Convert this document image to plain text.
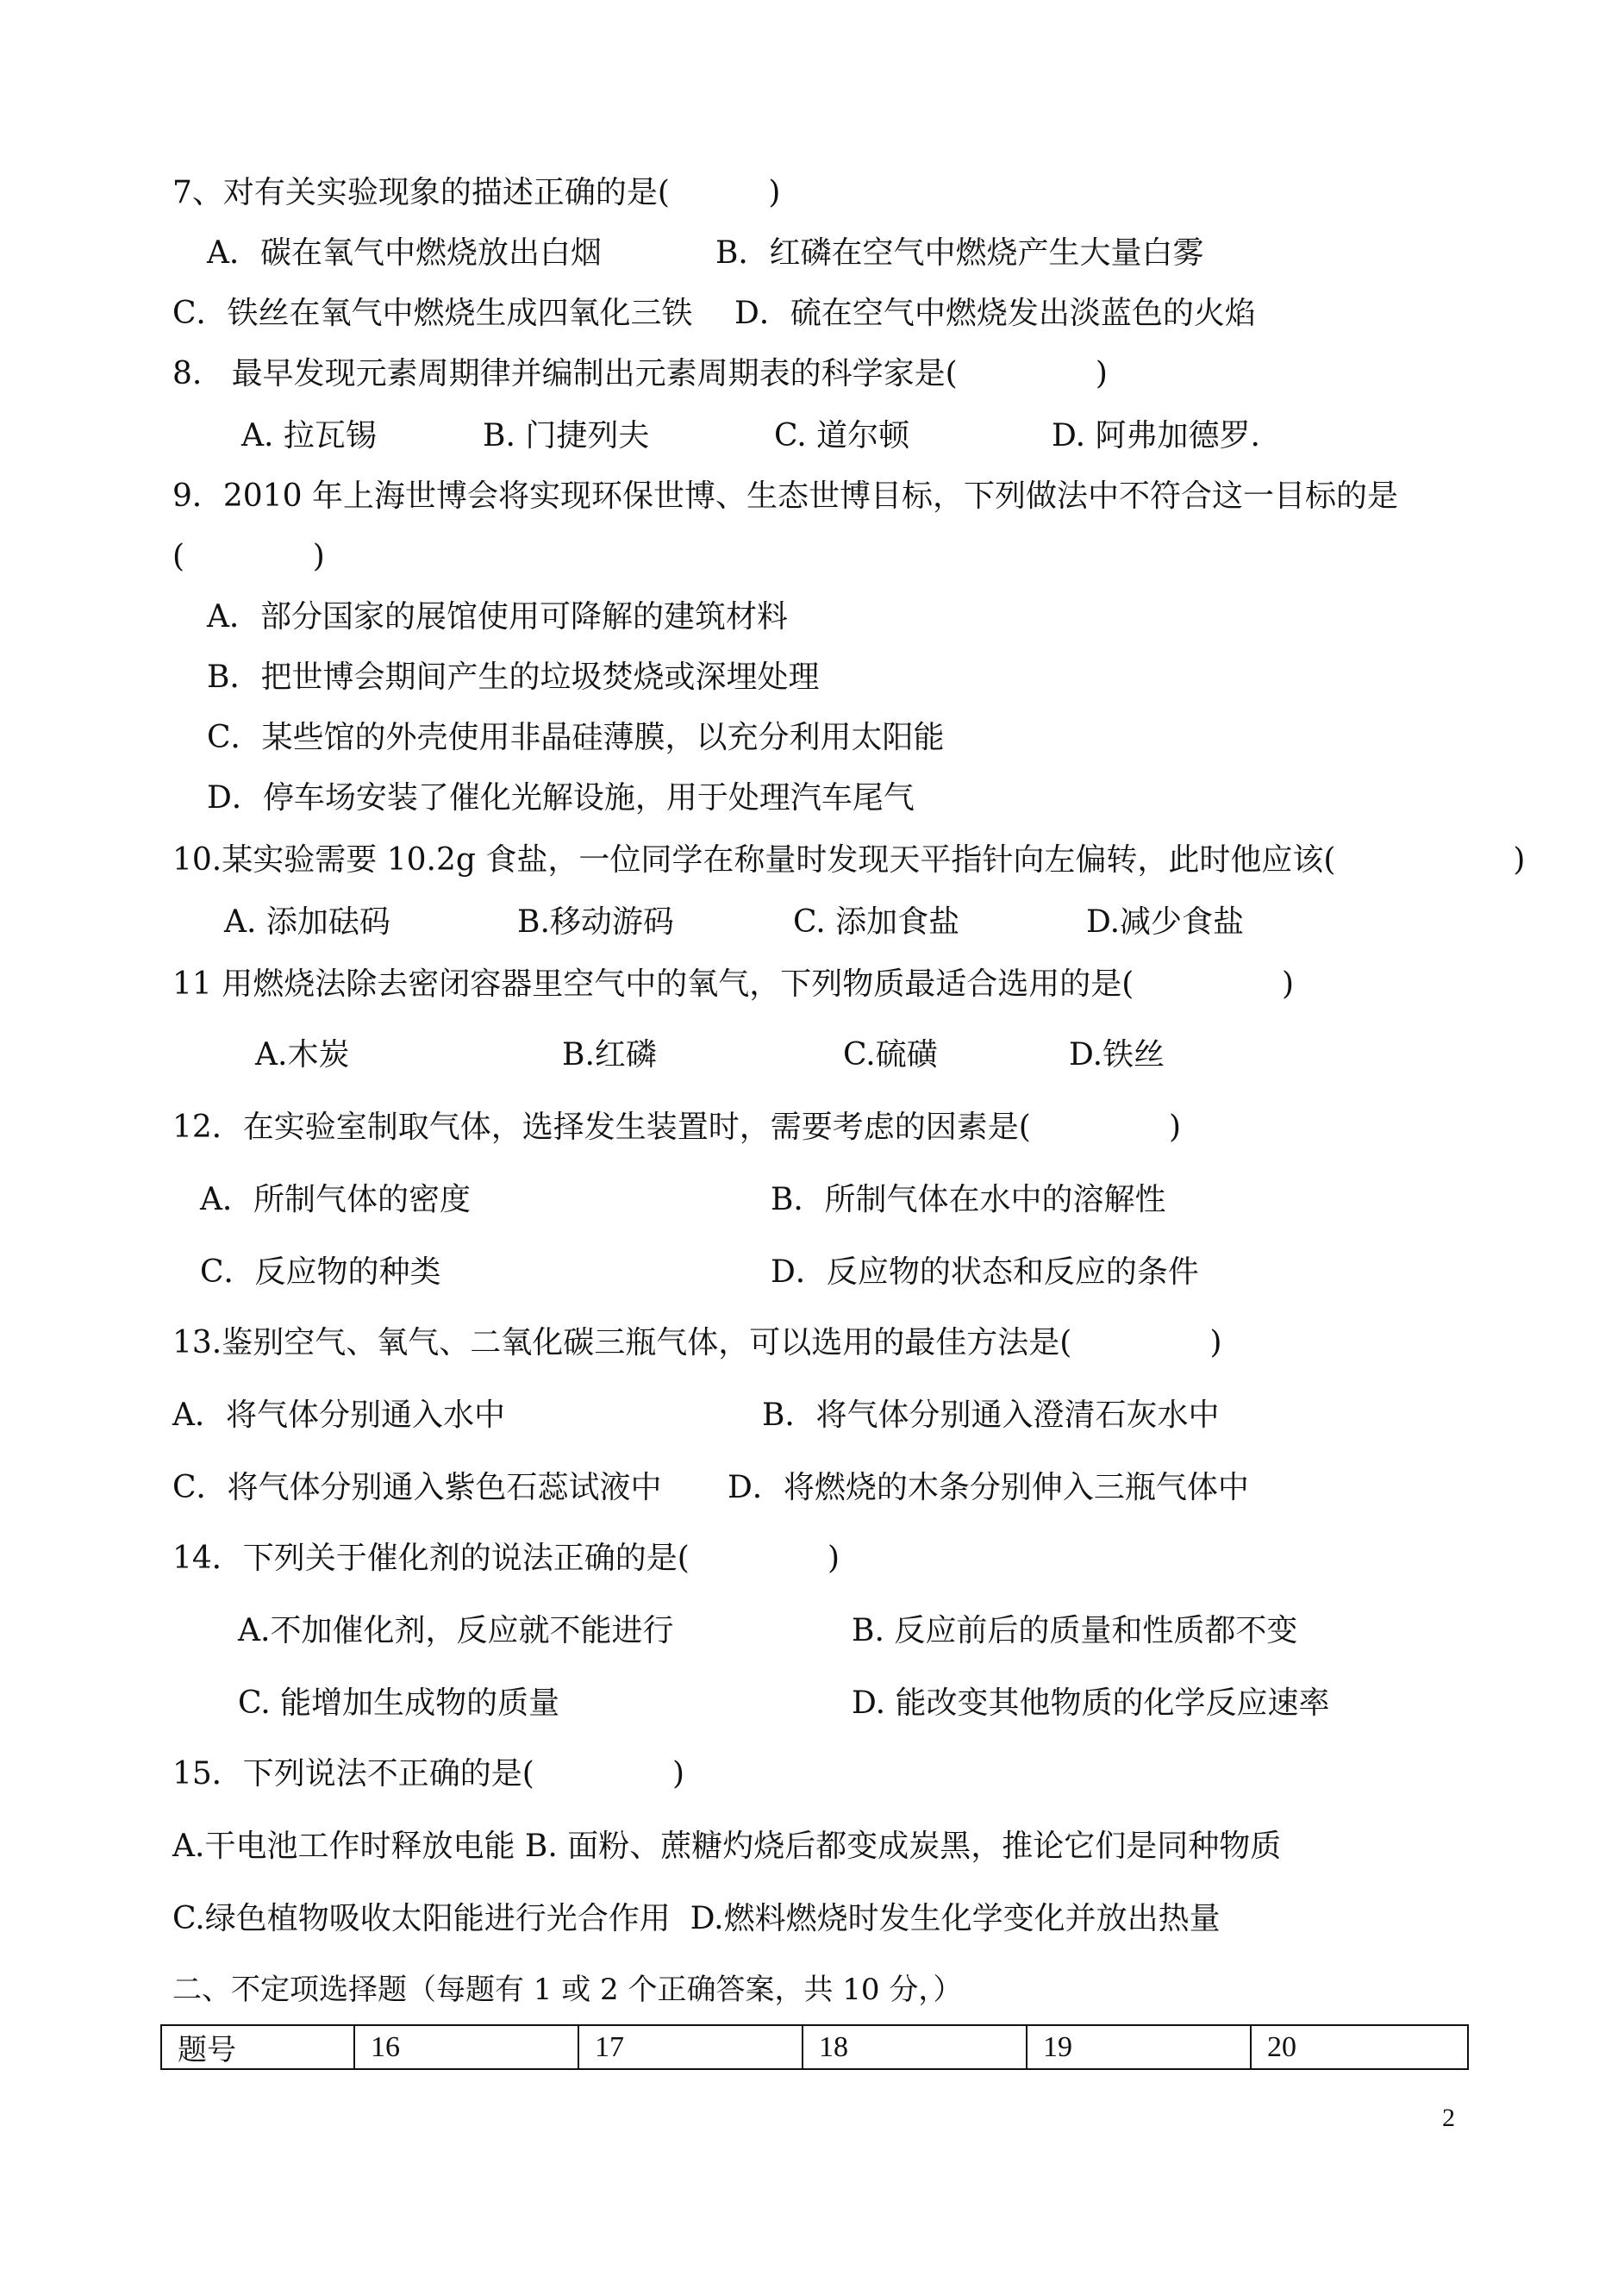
7、对有关实验现象的描述正确的是(          )
A．碳在氧气中燃烧放出白烟	B．红磷在空气中燃烧产生大量白雾
C．铁丝在氧气中燃烧生成四氧化三铁 D．硫在空气中燃烧发出淡蓝色的火焰
8.   最早发现元素周期律并编制出元素周期表的科学家是(              )
A. 拉瓦锡	B. 门捷列夫	C. 道尔顿	D. 阿弗加德罗.
9．2010 年上海世博会将实现环保世博、生态世博目标，下列做法中不符合这一目标的是
(             )
A．部分国家的展馆使用可降解的建筑材料
B．把世博会期间产生的垃圾焚烧或深埋处理
C．某些馆的外壳使用非晶硅薄膜，以充分利用太阳能
D．停车场安装了催化光解设施，用于处理汽车尾气
10.某实验需要 10.2g 食盐，一位同学在称量时发现天平指针向左偏转，此时他应该(                  )
A. 添加砝码	B.移动游码	C. 添加食盐	D.减少食盐
11 用燃烧法除去密闭容器里空气中的氧气，下列物质最适合选用的是(               )
A.木炭	B.红磷	C.硫磺	D.铁丝
12．在实验室制取气体，选择发生装置时，需要考虑的因素是(              )
A．所制气体的密度	B．所制气体在水中的溶解性
C．反应物的种类	D．反应物的状态和反应的条件
13.鉴别空气、氧气、二氧化碳三瓶气体，可以选用的最佳方法是(              )
A．将气体分别通入水中	B．将气体分别通入澄清石灰水中
C．将气体分别通入紫色石蕊试液中 D．将燃烧的木条分别伸入三瓶气体中
14．下列关于催化剂的说法正确的是(              )
A.不加催化剂，反应就不能进行	B. 反应前后的质量和性质都不变
C. 能增加生成物的质量	D. 能改变其他物质的化学反应速率
15．下列说法不正确的是(              )
A.干电池工作时释放电能 B. 面粉、蔗糖灼烧后都变成炭黑，推论它们是同种物质
C.绿色植物吸收太阳能进行光合作用  D.燃料燃烧时发生化学变化并放出热量
二、不定项选择题（每题有 1 或 2 个正确答案，共 10 分，）
题号	16	17	18	19	20
2
